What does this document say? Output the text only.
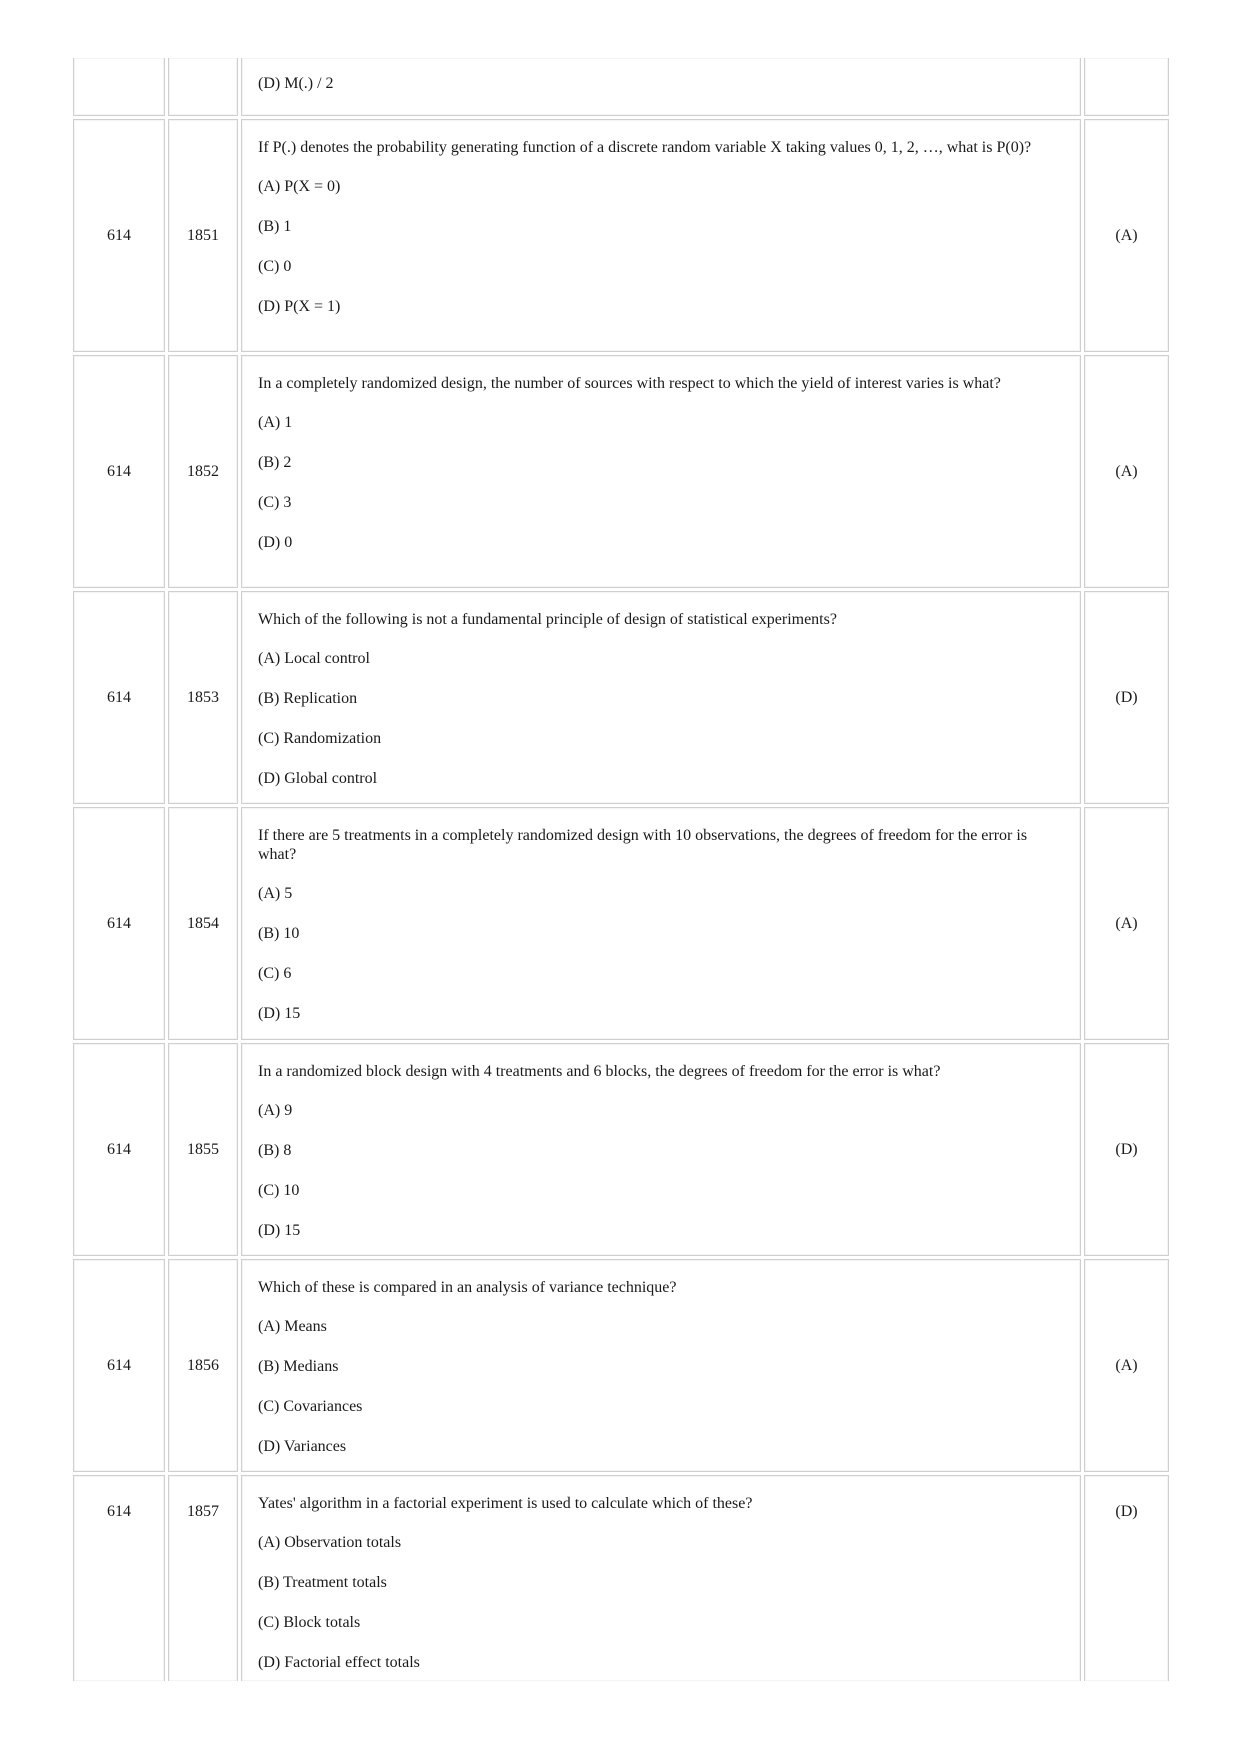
(D) M(.) / 2

614	1851

If P(.) denotes the probability generating function of a discrete random variable X taking values 0, 1, 2, …, what is P(0)?

(A) P(X = 0)

(B) 1

(C) 0

(D) P(X = 1)

(A)
614	1852

In a completely randomized design, the number of sources with respect to which the yield of interest varies is what?

(A) 1

(B) 2

(C) 3

(D) 0

(A)
614	1853

Which of the following is not a fundamental principle of design of statistical experiments?

(A) Local control

(B) Replication

(C) Randomization

(D) Global control

(D)
614	1854

If there are 5 treatments in a completely randomized design with 10 observations, the degrees of freedom for the error is what?

(A) 5

(B) 10

(C) 6

(D) 15

(A)
614	1855

In a randomized block design with 4 treatments and 6 blocks, the degrees of freedom for the error is what?

(A) 9

(B) 8

(C) 10

(D) 15

(D)
614	1856

Which of these is compared in an analysis of variance technique?

(A) Means

(B) Medians

(C) Covariances

(D) Variances

(A)
614	1857	Yates' algorithm in a factorial experiment is used to calculate which of these?

(A) Observation totals

(B) Treatment totals

(C) Block totals

(D) Factorial effect totals

(D)
